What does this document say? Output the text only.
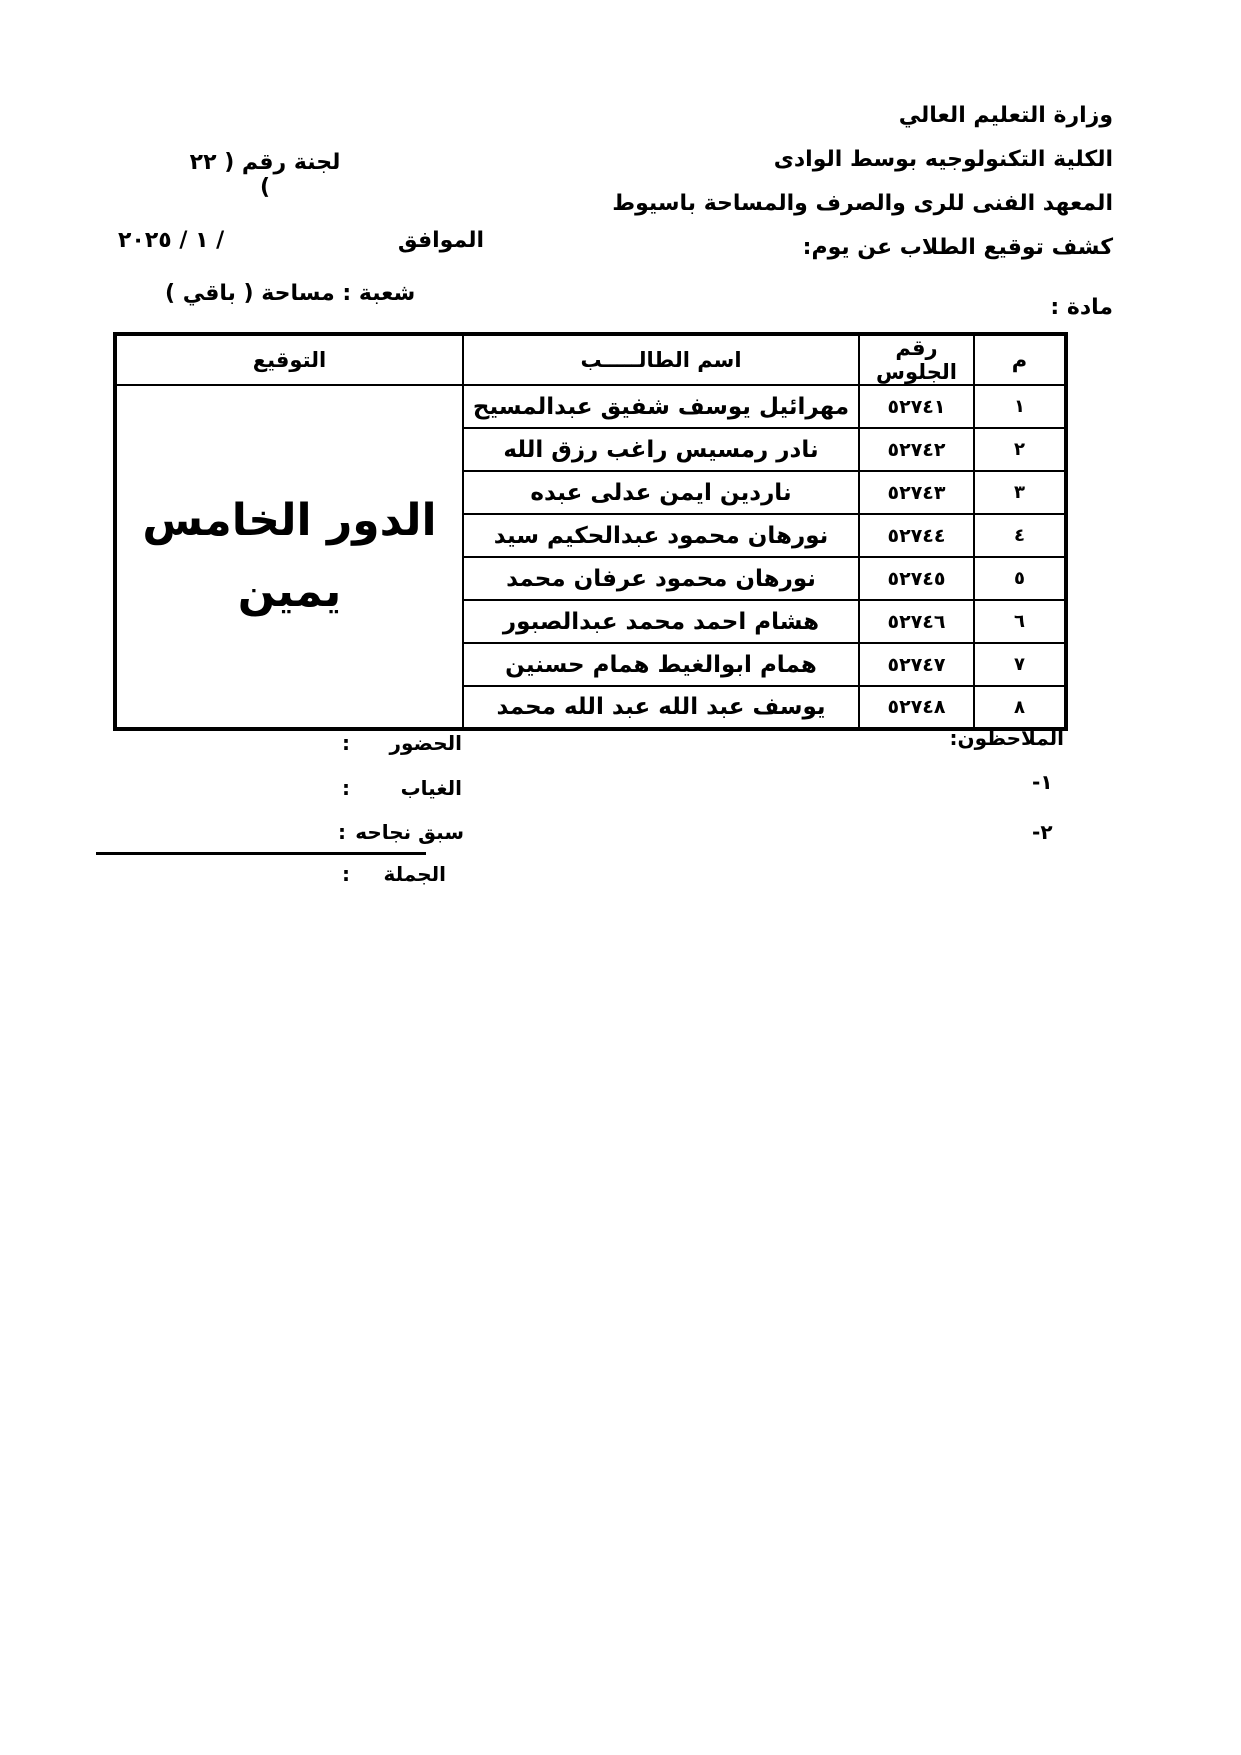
وزارة التعليم العالي
الكلية التكنولوجيه بوسط الوادى
المعهد الفنى للرى والصرف والمساحة باسيوط
كشف توقيع الطلاب عن يوم:
مادة :
لجنة رقم ( ٢٢ )
الموافق
/ ١ / ٢٠٢٥
شعبة : مساحة ( باقي )
م	رقم الجلوس	اسم الطالـــــب	التوقيع
١	٥٢٧٤١	مهرائيل يوسف شفيق عبدالمسيح	الدور الخامس
يمين

٢	٥٢٧٤٢	نادر رمسيس راغب رزق الله	
٣	٥٢٧٤٣	ناردين ايمن عدلى عبده	
٤	٥٢٧٤٤	نورهان محمود عبدالحكيم سيد	
٥	٥٢٧٤٥	نورهان محمود عرفان محمد	
٦	٥٢٧٤٦	هشام احمد محمد عبدالصبور	
٧	٥٢٧٤٧	همام ابوالغيط همام حسنين	
٨	٥٢٧٤٨	يوسف عبد الله عبد الله محمد	
الملاحظون
:
١-
٢-
الحضور
:
الغياب
:
سبق نجاحه
:
الجملة
:
